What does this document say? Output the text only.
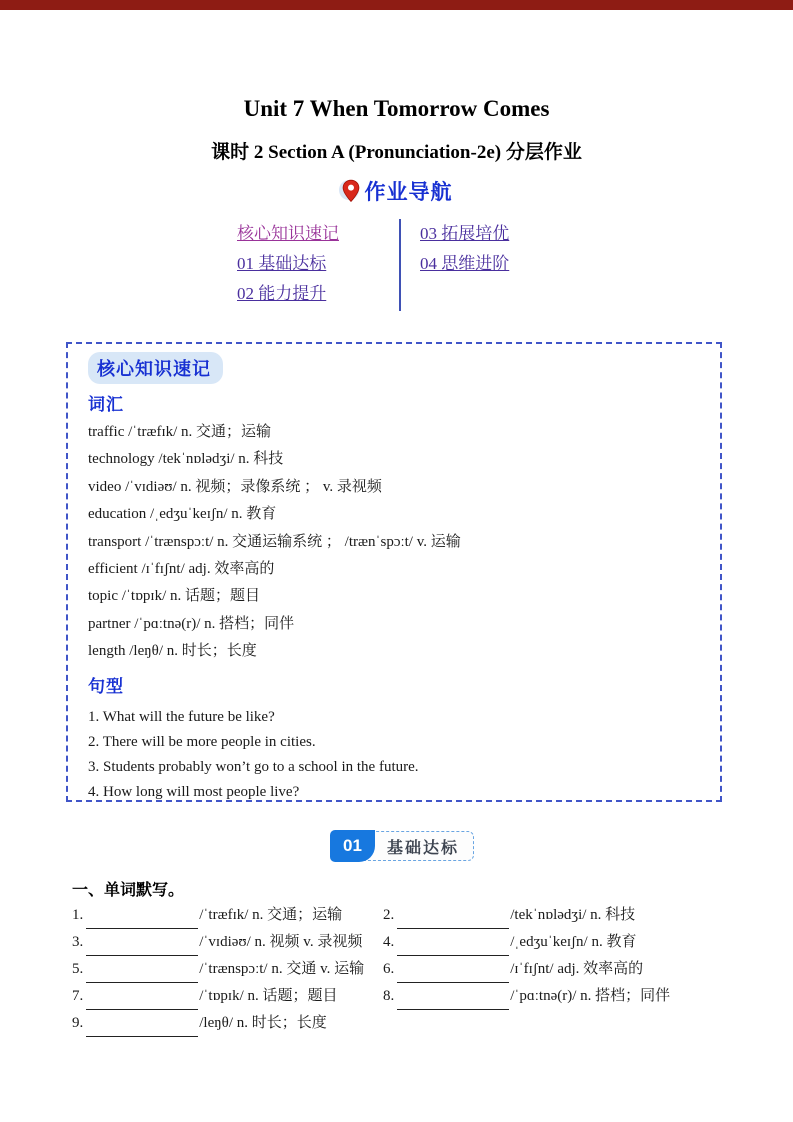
Unit 7 When Tomorrow Comes
课时 2 Section A (Pronunciation-2e) 分层作业
作业导航
核心知识速记
01 基础达标
02 能力提升
03 拓展培优
04 思维进阶
核心知识速记
词汇
traffic /ˈtræfɪk/ n. 交通；运输
technology /tekˈnɒlədʒi/ n. 科技
video /ˈvɪdiəʊ/ n. 视频；录像系统 ； v. 录视频
education /ˌedʒuˈkeɪʃn/ n. 教育
transport /ˈtrænspɔːt/ n. 交通运输系统 ； /trænˈspɔːt/ v. 运输
efficient /ɪˈfɪʃnt/ adj. 效率高的
topic /ˈtɒpɪk/ n. 话题；题目
partner /ˈpɑːtnə(r)/ n. 搭档；同伴
length /leŋθ/ n. 时长；长度
句型
1. What will the future be like?
2. There will be more people in cities.
3. Students probably won’t go to a school in the future.
4. How long will most people live?
01	基础达标
一、单词默写。
1.	/ˈtræfɪk/ n. 交通；运输	2.	/tekˈnɒlədʒi/ n. 科技
3.	/ˈvɪdiəʊ/ n. 视频 v. 录视频	4.	/ˌedʒuˈkeɪʃn/ n. 教育
5.	/ˈtrænspɔːt/ n. 交通 v. 运输	6.	/ɪˈfɪʃnt/ adj. 效率高的
7.	/ˈtɒpɪk/ n. 话题；题目	8.	/ˈpɑːtnə(r)/ n. 搭档；同伴
9.	/leŋθ/ n. 时长；长度
